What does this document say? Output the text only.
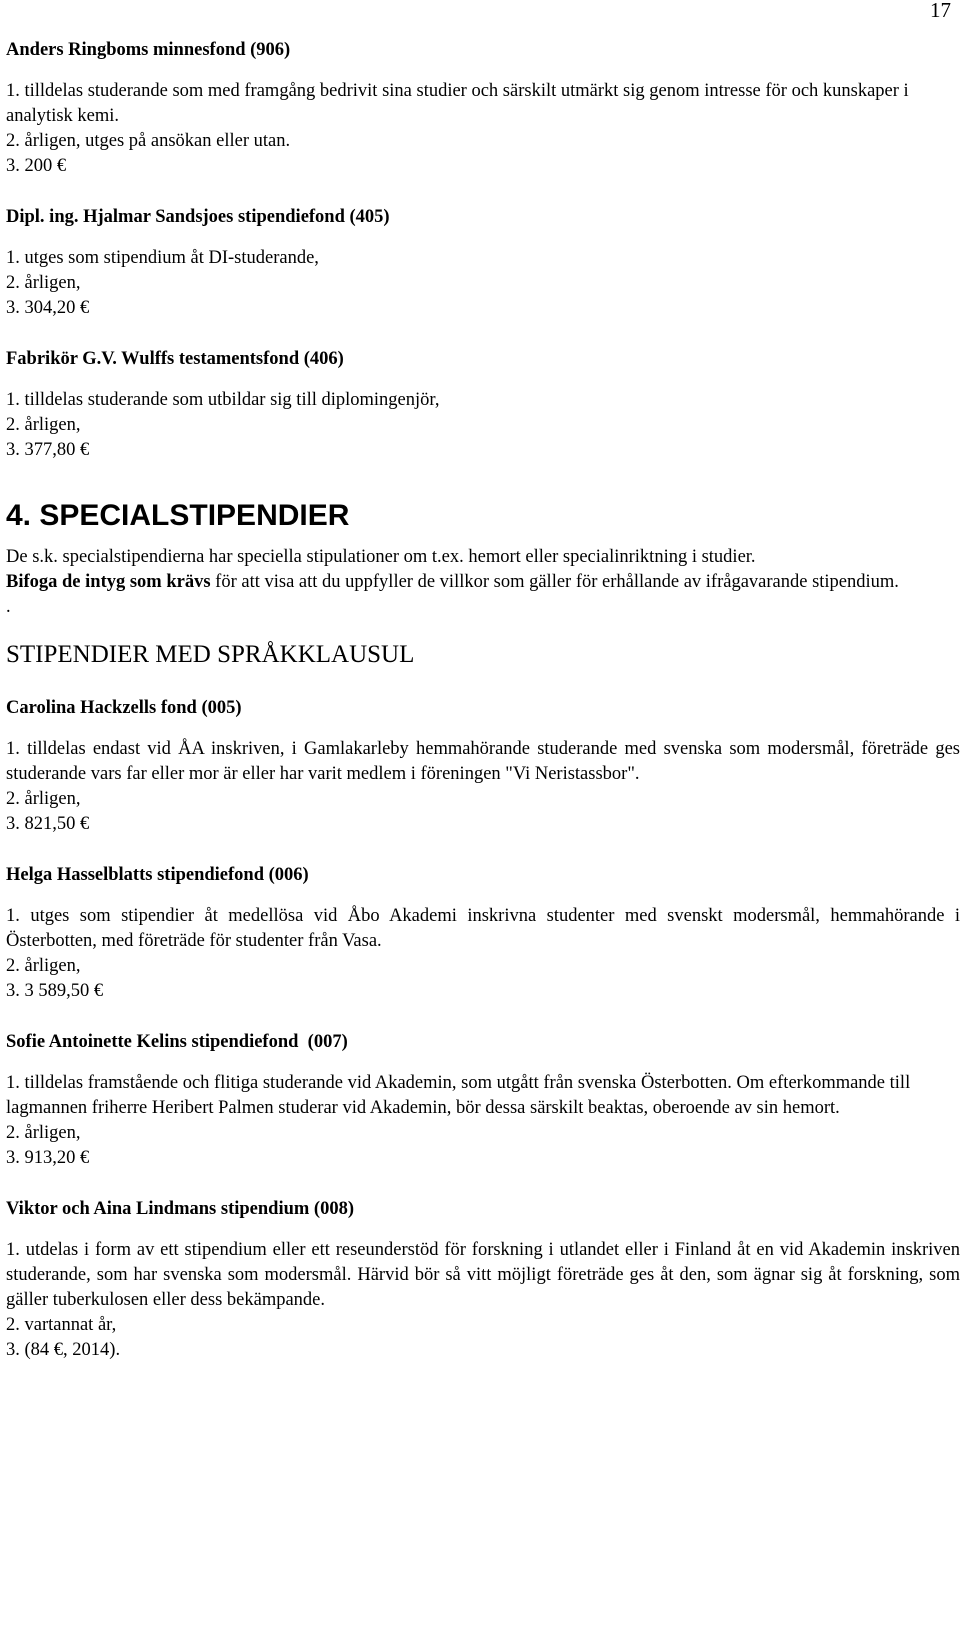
17

Anders Ringboms minnesfond (906)

1. tilldelas studerande som med framgång bedrivit sina studier och särskilt utmärkt sig genom intresse för och kunskaper i analytisk kemi.

2. årligen, utges på ansökan eller utan.

3. 200 €

Dipl. ing. Hjalmar Sandsjoes stipendiefond (405)

1. utges som stipendium åt DI-studerande,

2. årligen,

3. 304,20 €

Fabrikör G.V. Wulffs testamentsfond (406)

1. tilldelas studerande som utbildar sig till diplomingenjör,

2. årligen,

3. 377,80 €

4. SPECIALSTIPENDIER

De s.k. specialstipendierna har speciella stipulationer om t.ex. hemort eller specialinriktning i studier.

Bifoga de intyg som krävs för att visa att du uppfyller de villkor som gäller för erhållande av ifrågavarande stipendium.

.

STIPENDIER MED SPRÅKKLAUSUL

Carolina Hackzells fond (005)

1. tilldelas endast vid ÅA inskriven, i Gamlakarleby hemmahörande studerande med svenska som modersmål, företräde ges studerande vars far eller mor är eller har varit medlem i föreningen "Vi Neristassbor".

2. årligen,

3. 821,50 €

Helga Hasselblatts stipendiefond (006)

1. utges som stipendier åt medellösa vid Åbo Akademi inskrivna studenter med svenskt modersmål, hemmahörande i Österbotten, med företräde för studenter från Vasa.

2. årligen,

3. 3 589,50 €

Sofie Antoinette Kelins stipendiefond  (007)

1. tilldelas framstående och flitiga studerande vid Akademin, som utgått från svenska Österbotten. Om efterkommande till lagmannen friherre Heribert Palmen studerar vid Akademin, bör dessa särskilt beaktas, oberoende av sin hemort.

2. årligen,

3. 913,20 €

Viktor och Aina Lindmans stipendium (008)

1. utdelas i form av ett stipendium eller ett reseunderstöd för forskning i utlandet eller i Finland åt en vid Akademin inskriven studerande, som har svenska som modersmål. Härvid bör så vitt möjligt företräde ges åt den, som ägnar sig åt forskning, som gäller tuberkulosen eller dess bekämpande.

2. vartannat år,

3. (84 €, 2014).
